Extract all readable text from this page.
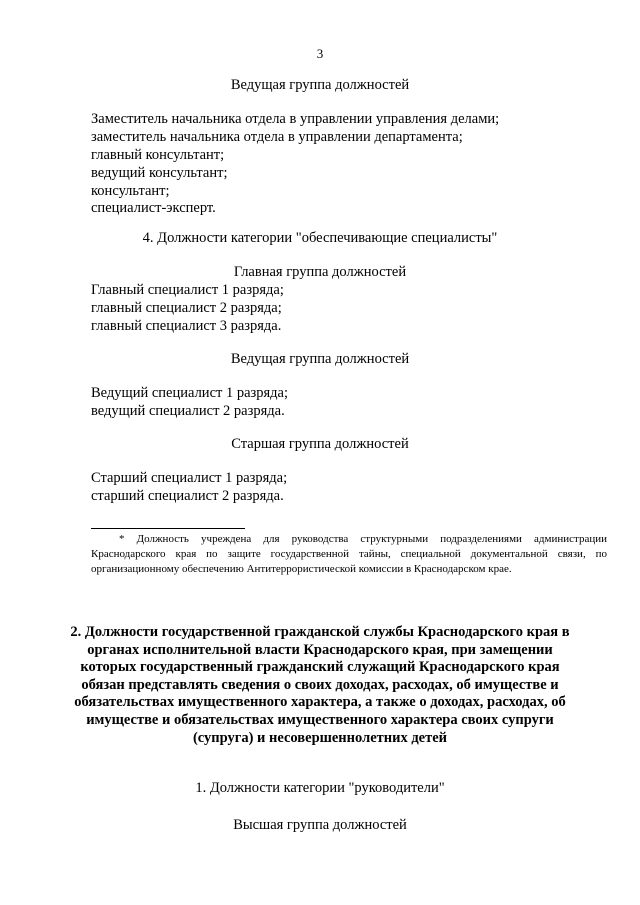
3
Ведущая группа должностей
Заместитель начальника отдела в управлении управления делами;
заместитель начальника отдела в управлении департамента;
главный консультант;
ведущий консультант;
консультант;
специалист-эксперт.
4. Должности категории "обеспечивающие специалисты"
Главная группа должностей
Главный специалист 1 разряда;
главный специалист 2 разряда;
главный специалист 3 разряда.
Ведущая группа должностей
Ведущий специалист 1 разряда;
ведущий специалист 2 разряда.
Старшая группа должностей
Старший специалист 1 разряда;
старший специалист 2 разряда.
* Должность учреждена для руководства структурными подразделениями администрации Краснодарского края по защите государственной тайны, специальной документальной связи, по организационному обеспечению Антитеррористической комиссии в Краснодарском крае.
2. Должности государственной гражданской службы Краснодарского края в органах исполнительной власти Краснодарского края, при замещении которых государственный гражданский служащий Краснодарского края обязан представлять сведения о своих доходах, расходах, об имуществе и обязательствах имущественного характера, а также о доходах, расходах, об имуществе и обязательствах имущественного характера своих супруги (супруга) и несовершеннолетних детей
1. Должности категории "руководители"
Высшая группа должностей
